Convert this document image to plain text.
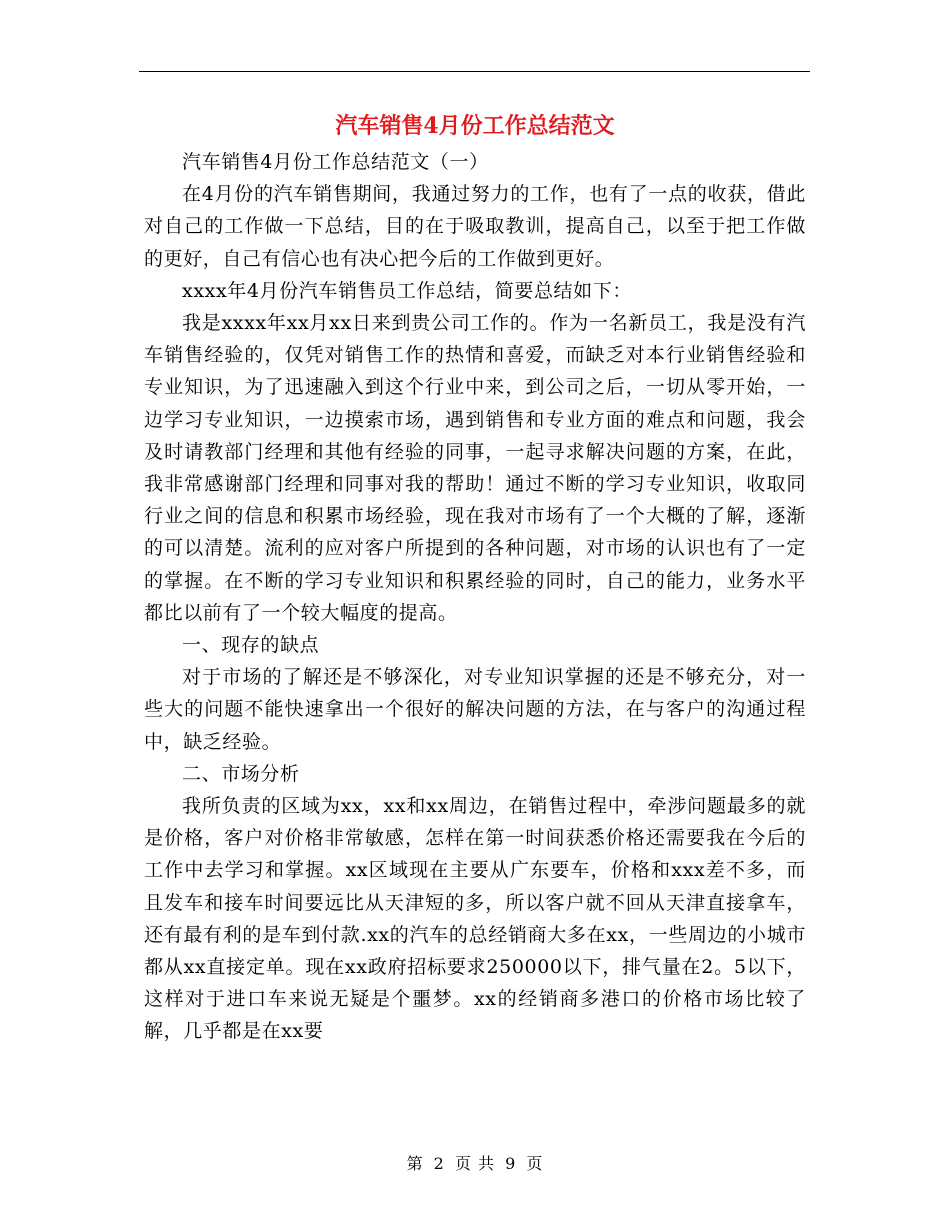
汽车销售4月份工作总结范文

汽车销售4月份工作总结范文（一）

在4月份的汽车销售期间，我通过努力的工作，也有了一点的收获，借此对自己的工作做一下总结，目的在于吸取教训，提高自己，以至于把工作做的更好，自己有信心也有决心把今后的工作做到更好。

xxxx年4月份汽车销售员工作总结，简要总结如下：

我是xxxx年xx月xx日来到贵公司工作的。作为一名新员工，我是没有汽车销售经验的，仅凭对销售工作的热情和喜爱，而缺乏对本行业销售经验和专业知识，为了迅速融入到这个行业中来，到公司之后，一切从零开始，一边学习专业知识，一边摸索市场，遇到销售和专业方面的难点和问题，我会及时请教部门经理和其他有经验的同事，一起寻求解决问题的方案，在此，我非常感谢部门经理和同事对我的帮助！通过不断的学习专业知识，收取同行业之间的信息和积累市场经验，现在我对市场有了一个大概的了解，逐渐的可以清楚。流利的应对客户所提到的各种问题，对市场的认识也有了一定的掌握。在不断的学习专业知识和积累经验的同时，自己的能力，业务水平都比以前有了一个较大幅度的提高。

一、现存的缺点

对于市场的了解还是不够深化，对专业知识掌握的还是不够充分，对一些大的问题不能快速拿出一个很好的解决问题的方法，在与客户的沟通过程中，缺乏经验。

二、市场分析

我所负责的区域为xx，xx和xx周边，在销售过程中，牵涉问题最多的就是价格，客户对价格非常敏感，怎样在第一时间获悉价格还需要我在今后的工作中去学习和掌握。xx区域现在主要从广东要车，价格和xxx差不多，而且发车和接车时间要远比从天津短的多，所以客户就不回从天津直接拿车，还有最有利的是车到付款.xx的汽车的总经销商大多在xx，一些周边的小城市都从xx直接定单。现在xx政府招标要求250000以下，排气量在2。5以下，这样对于进口车来说无疑是个噩梦。xx的经销商多港口的价格市场比较了解，几乎都是在xx要

第 2 页 共 9 页
